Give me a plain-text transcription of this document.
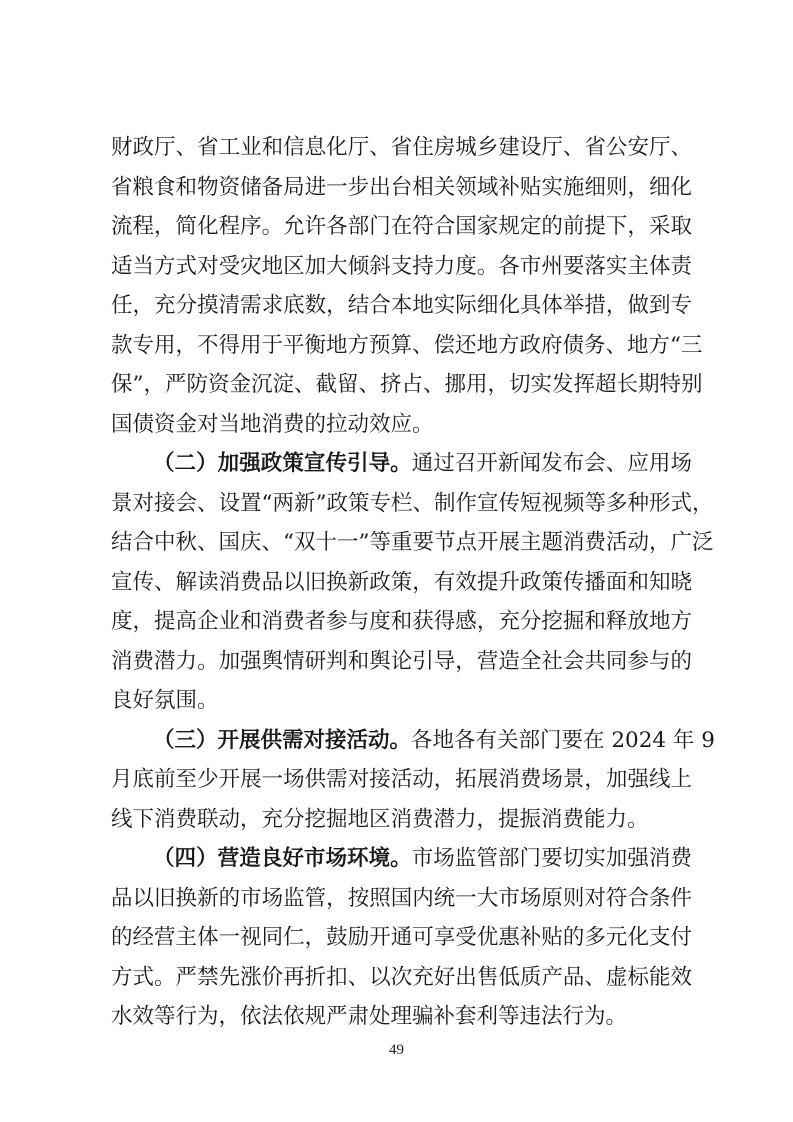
财政厅、省工业和信息化厅、省住房城乡建设厅、省公安厅、
省粮食和物资储备局进一步出台相关领域补贴实施细则，细化
流程，简化程序。允许各部门在符合国家规定的前提下，采取
适当方式对受灾地区加大倾斜支持力度。各市州要落实主体责
任，充分摸清需求底数，结合本地实际细化具体举措，做到专
款专用，不得用于平衡地方预算、偿还地方政府债务、地方“三
保”，严防资金沉淀、截留、挤占、挪用，切实发挥超长期特别
国债资金对当地消费的拉动效应。
（二）加强政策宣传引导。通过召开新闻发布会、应用场
景对接会、设置“两新”政策专栏、制作宣传短视频等多种形式，
结合中秋、国庆、“双十一”等重要节点开展主题消费活动，广泛
宣传、解读消费品以旧换新政策，有效提升政策传播面和知晓
度，提高企业和消费者参与度和获得感，充分挖掘和释放地方
消费潜力。加强舆情研判和舆论引导，营造全社会共同参与的
良好氛围。
（三）开展供需对接活动。各地各有关部门要在 2024 年 9
月底前至少开展一场供需对接活动，拓展消费场景，加强线上
线下消费联动，充分挖掘地区消费潜力，提振消费能力。
（四）营造良好市场环境。市场监管部门要切实加强消费
品以旧换新的市场监管，按照国内统一大市场原则对符合条件
的经营主体一视同仁，鼓励开通可享受优惠补贴的多元化支付
方式。严禁先涨价再折扣、以次充好出售低质产品、虚标能效
水效等行为，依法依规严肃处理骗补套利等违法行为。
49
